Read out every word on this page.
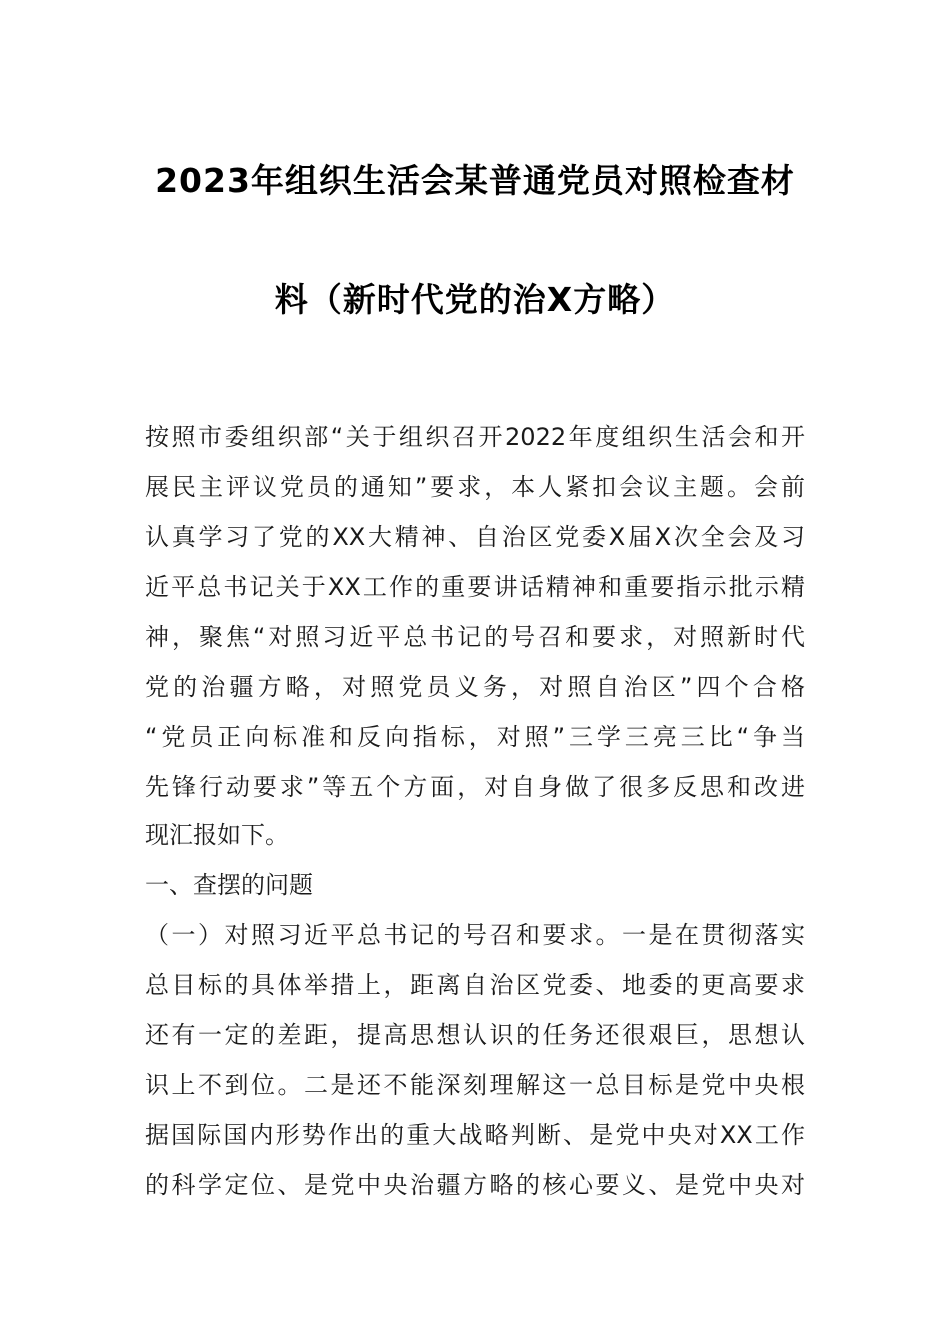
2023年组织生活会某普通党员对照检查材
料（新时代党的治X方略）
按照市委组织部“关于组织召开2022年度组织生活会和开
展民主评议党员的通知”要求，本人紧扣会议主题。会前
认真学习了党的XX大精神、自治区党委X届X次全会及习
近平总书记关于XX工作的重要讲话精神和重要指示批示精
神，聚焦“对照习近平总书记的号召和要求，对照新时代
党的治疆方略，对照党员义务，对照自治区”四个合格
“党员正向标准和反向指标，对照”三学三亮三比“争当
先锋行动要求”等五个方面，对自身做了很多反思和改进
现汇报如下。
一、查摆的问题
（一）对照习近平总书记的号召和要求。一是在贯彻落实
总目标的具体举措上，距离自治区党委、地委的更高要求
还有一定的差距，提高思想认识的任务还很艰巨，思想认
识上不到位。二是还不能深刻理解这一总目标是党中央根
据国际国内形势作出的重大战略判断、是党中央对XX工作
的科学定位、是党中央治疆方略的核心要义、是党中央对
